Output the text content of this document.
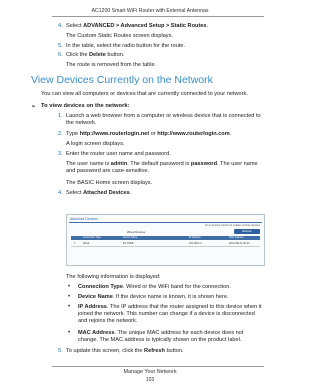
AC1200 Smart WiFi Router with External Antennas
4. Select ADVANCED > Advanced Setup > Static Routes.
The Custom Static Routes screen displays.
5. In the table, select the radio button for the route.
6. Click the Delete button.
The route is removed from the table.
View Devices Currently on the Network
You can view all computers or devices that are currently connected to your network.
➢ To view devices on the network:
1. Launch a web browser from a computer or wireless device that is connected to the network.
2. Type http://www.routerlogin.net or http://www.routerlogin.com.
A login screen displays.
3. Enter the router user name and password.
The user name is admin. The default password is password. The user name and password are case-sensitive.
The BASIC Home screen displays.
4. Select Attached Devices.
Attached Devices
Go to Access Control to enable or block devices
Refresh
Wired Devices
Connection Type	Device Name	IP Address	MAC Address
1	Wired	ET-HTGB	192.168.1.2	00:0C:6E:3C:1F:23
The following information is displayed:
• Connection Type. Wired or the WiFi band for the connection.
• Device Name. If the device name is known, it is shown here.
• IP Address. The IP address that the router assigned to this device when it joined the network. This number can change if a device is disconnected and rejoins the network.
• MAC Address. The unique MAC address for each device does not change. The MAC address is typically shown on the product label.
5. To update this screen, click the Refresh button.
Manage Your Network
103
